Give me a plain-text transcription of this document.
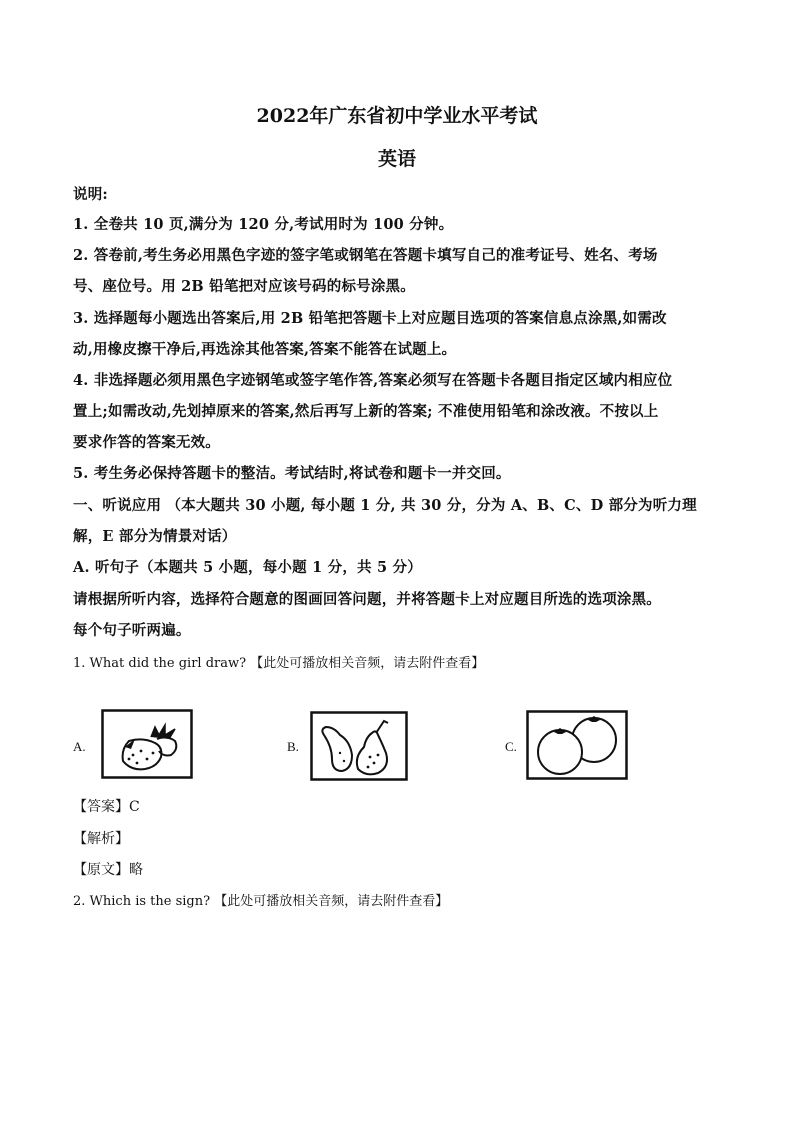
2022年广东省初中学业水平考试
英语
说明:
1. 全卷共 10 页,满分为 120 分,考试用时为 100 分钟。
2. 答卷前,考生务必用黑色字迹的签字笔或钢笔在答题卡填写自己的准考证号、姓名、考场
号、座位号。用 2B 铅笔把对应该号码的标号涂黑。
3. 选择题每小题选出答案后,用 2B 铅笔把答题卡上对应题目选项的答案信息点涂黑,如需改
动,用橡皮擦干净后,再选涂其他答案,答案不能答在试题上。
4. 非选择题必须用黑色字迹钢笔或签字笔作答,答案必须写在答题卡各题目指定区域内相应位
置上;如需改动,先划掉原来的答案,然后再写上新的答案; 不准使用铅笔和涂改液。不按以上
要求作答的答案无效。
5. 考生务必保持答题卡的整洁。考试结时,将试卷和题卡一并交回。
一、听说应用 （本大题共 30 小题, 每小题 1 分, 共 30 分，分为 A、B、C、D 部分为听力理
解，E 部分为情景对话）
A. 听句子（本题共 5 小题，每小题 1 分，共 5 分）
请根据所听内容，选择符合题意的图画回答问题，并将答题卡上对应题目所选的选项涂黑。
每个句子听两遍。
1. What did the girl draw? 【此处可播放相关音频，请去附件查看】
A.	B.	C.
【答案】C
【解析】
【原文】略
2. Which is the sign? 【此处可播放相关音频，请去附件查看】
